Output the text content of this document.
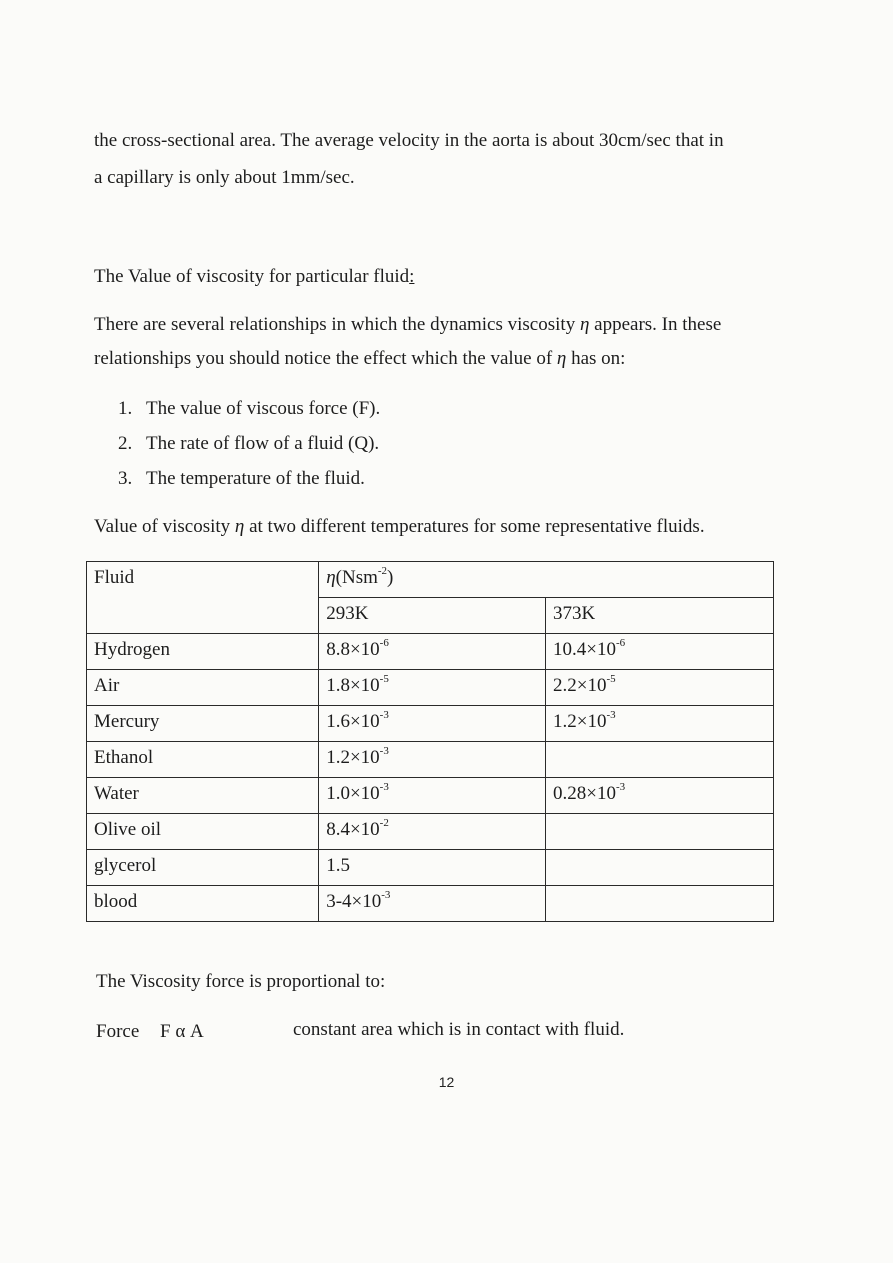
the cross-sectional area. The average velocity in the aorta is about 30cm/sec that in
a capillary is only about 1mm/sec.
The Value of viscosity for particular fluid:
There are several relationships in which the dynamics viscosity η appears. In these
relationships you should notice the effect which the value of η has on:
1. The value of viscous force (F).
2. The rate of flow of a fluid (Q).
3. The temperature of the fluid.
Value of viscosity η at two different temperatures for some representative fluids.
Fluid	η(Nsm$^{-2}$)	
	293K	373K
Hydrogen	$8.8\times 10^{-6}$	$10.4\times 10^{-6}$
Air	$1.8\times 10^{-5}$	$2.2\times 10^{-5}$
Mercury	$1.6\times 10^{-3}$	$1.2\times 10^{-3}$
Ethanol	$1.2\times 10^{-3}$	
Water	$1.0\times 10^{-3}$	$0.28\times 10^{-3}$
Olive oil	$8.4\times 10^{-2}$	
glycerol	1.5	
blood	$3-4\times 10^{-3}$	
The Viscosity force is proportional to:
Force F α A	constant area which is in contact with fluid.
12
